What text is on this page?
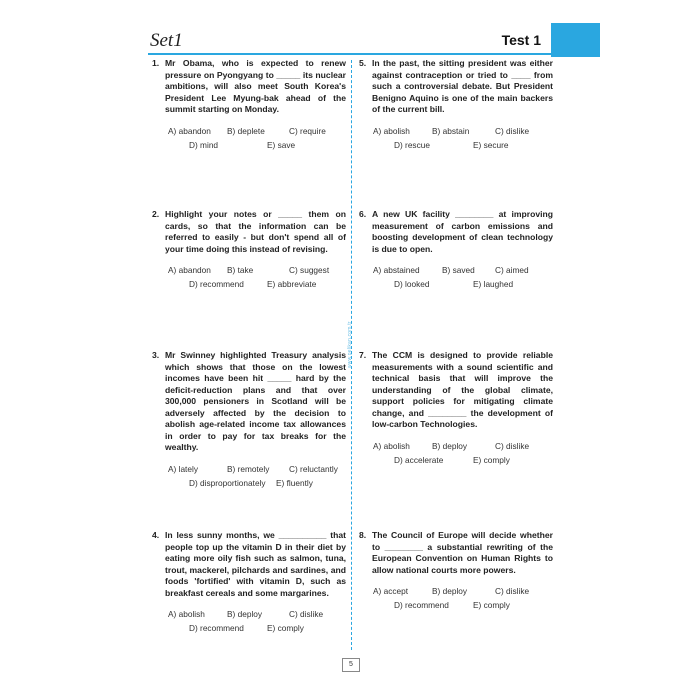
Set1	Test 1
www.pelikan.com.tr
1. Mr Obama, who is expected to renew pressure on Pyongyang to _____ its nuclear ambitions, will also meet South Korea's President Lee Myung-bak ahead of the summit starting on Monday.
A) abandon B) deplete	C) require
D) mind	E) save
2. Highlight your notes or _____ them on cards, so that the information can be referred to easily - but don't spend all of your time doing this instead of revising.
A) abandon B) take	C) suggest
D) recommend	E) abbreviate
3. Mr Swinney highlighted Treasury analysis which shows that those on the lowest incomes have been hit _____ hard by the deficit-reduction plans and that over 300,000 pensioners in Scotland will be adversely affected by the decision to abolish age-related income tax allowances in order to pay for tax breaks for the wealthy.
A) lately	B) remotely C) reluctantly
D) disproportionately E) fluently
4. In less sunny months, we __________ that people top up the vitamin D in their diet by eating more oily fish such as salmon, tuna, trout, mackerel, pilchards and sardines, and foods 'fortified' with vitamin D, such as breakfast cereals and some margarines.
A) abolish	B) deploy	C) dislike
D) recommend	E) comply
5. In the past, the sitting president was either against contraception or tried to ____ from such a controversial debate. But President Benigno Aquino is one of the main backers of the current bill.
A) abolish	B) abstain	C) dislike
D) rescue	E) secure
6. A new UK facility ________ at improving measurement of carbon emissions and boosting development of clean technology is due to open.
A) abstained	B) saved C) aimed
D) looked	E) laughed
7. The CCM is designed to provide reliable measurements with a sound scientific and technical basis that will improve the understanding of the global climate, support policies for mitigating climate change, and ________ the development of low-carbon Technologies.
A) abolish	B) deploy	C) dislike
D) accelerate	E) comply
8. The Council of Europe will decide whether to ________ a substantial rewriting of the European Convention on Human Rights to allow national courts more powers.
A) accept	B) deploy	C) dislike
D) recommend	E) comply
5
